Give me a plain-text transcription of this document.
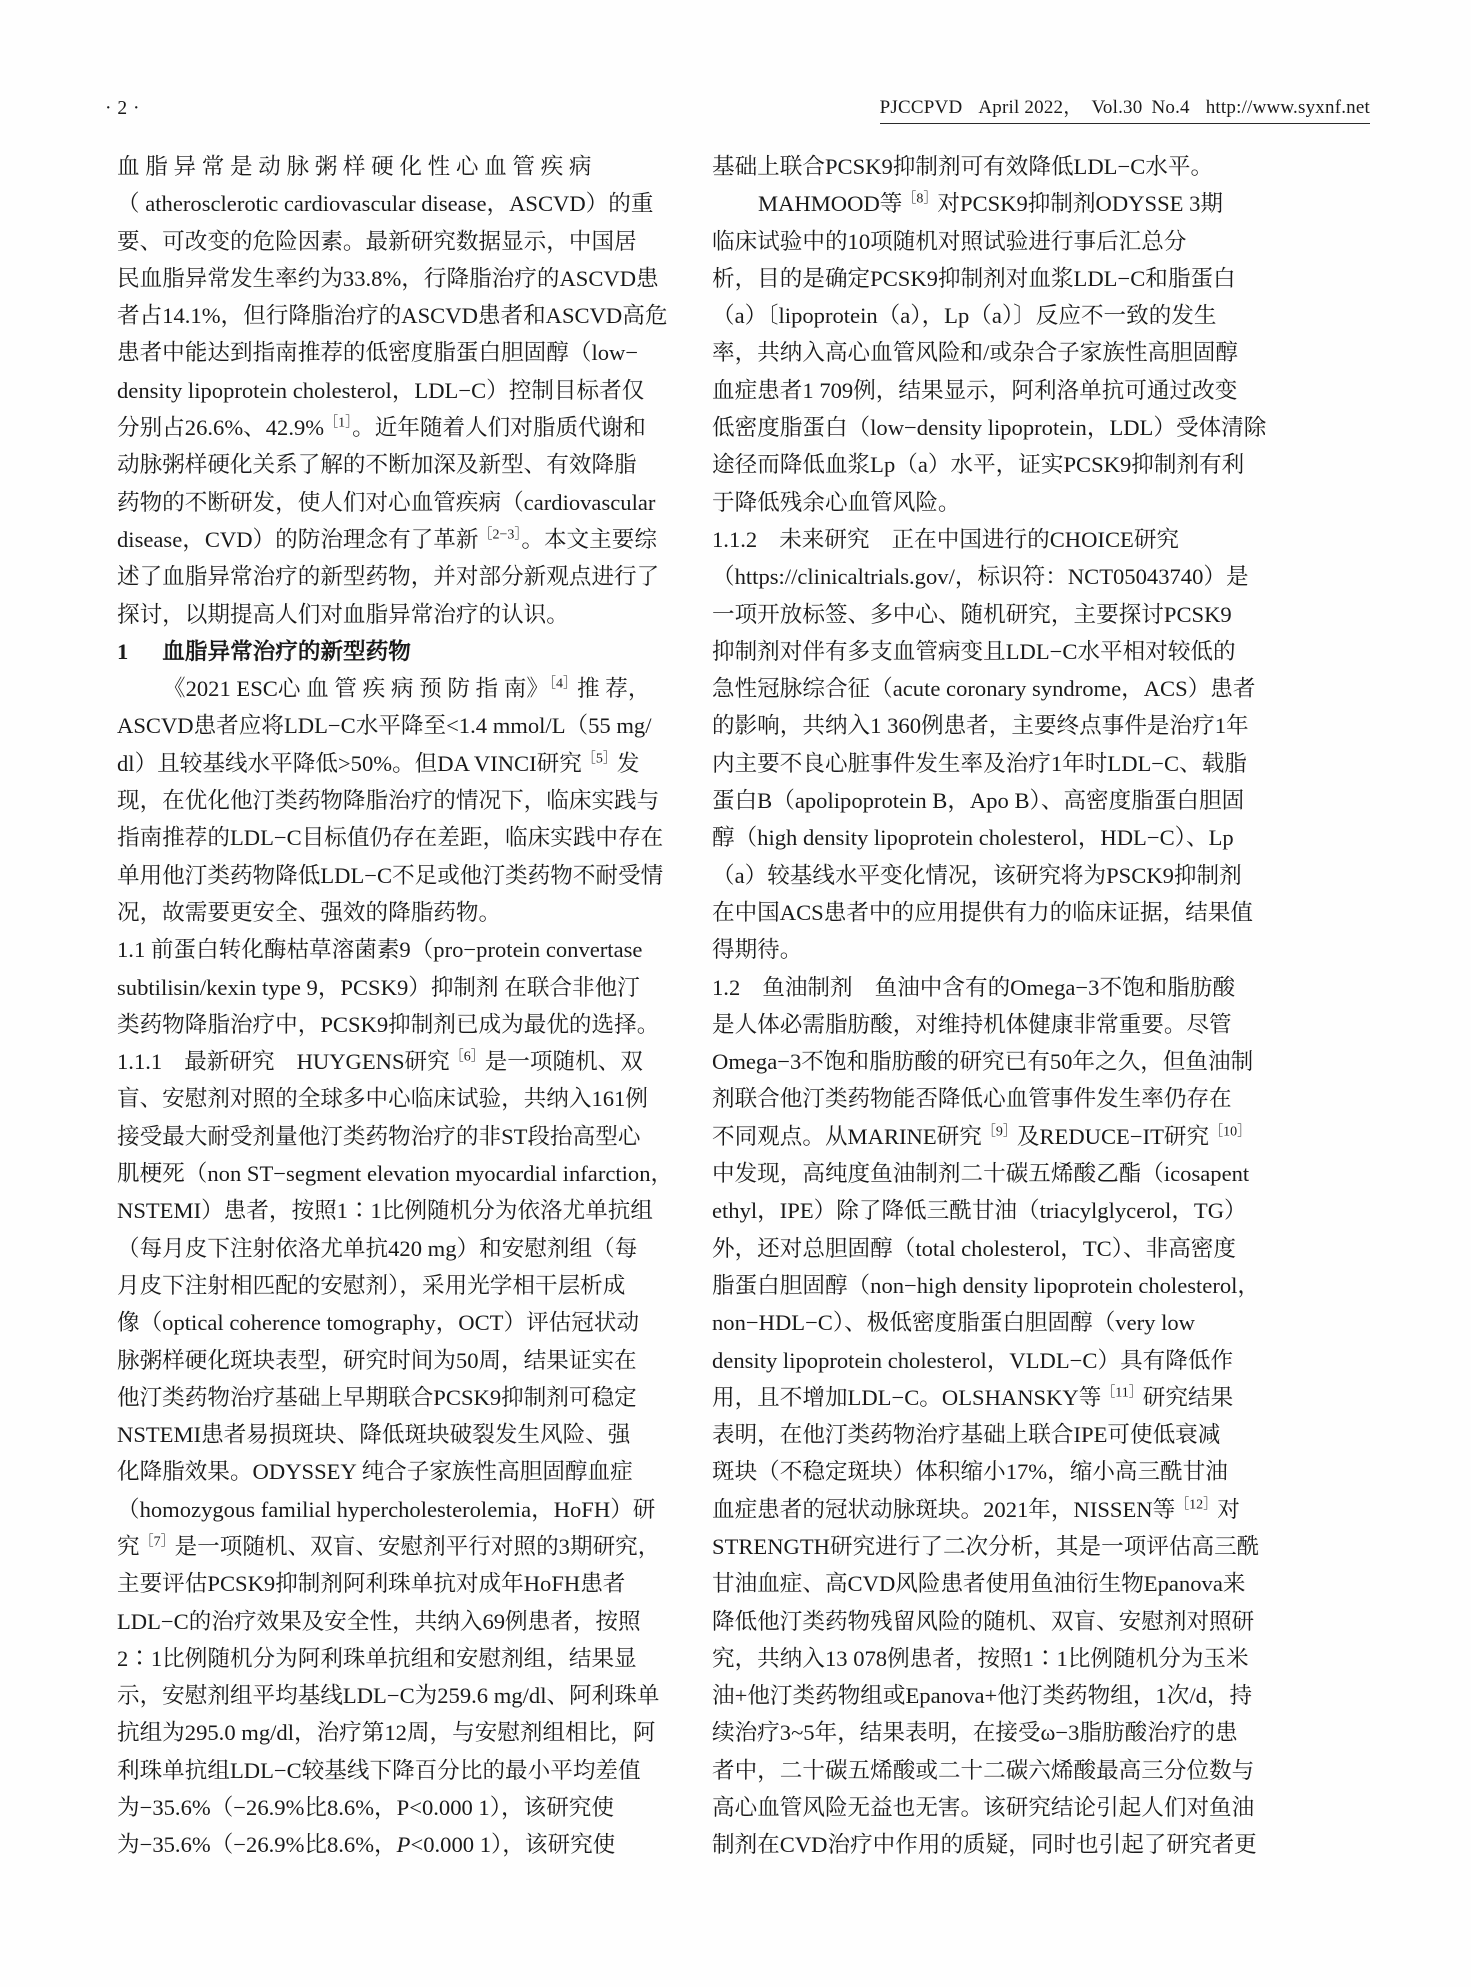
· 2 ·	PJCCPVD April 2022， Vol.30 No.4 http://www.syxnf.net
血 脂 异 常 是 动 脉 粥 样 硬 化 性 心 血 管 疾 病
（ atherosclerotic cardiovascular disease，ASCVD）的重
要、可改变的危险因素。最新研究数据显示，中国居
民血脂异常发生率约为33.8%，行降脂治疗的ASCVD患
者占14.1%，但行降脂治疗的ASCVD患者和ASCVD高危
患者中能达到指南推荐的低密度脂蛋白胆固醇（low−
density lipoprotein cholesterol，LDL−C）控制目标者仅
分别占26.6%、42.9%$^{[1]}$。近年随着人们对脂质代谢和
动脉粥样硬化关系了解的不断加深及新型、有效降脂
药物的不断研发，使人们对心血管疾病（cardiovascular
disease，CVD）的防治理念有了革新$^{[2-3]}$。本文主要综
述了血脂异常治疗的新型药物，并对部分新观点进行了
探讨，以期提高人们对血脂异常治疗的认识。
1 血脂异常治疗的新型药物
《2021 ESC心 血 管 疾 病 预 防 指 南》$^{[4]}$推 荐，
ASCVD患者应将LDL−C水平降至<1.4 mmol/L（55 mg/
dl）且较基线水平降低>50%。但DA VINCI研究$^{[5]}$发
现，在优化他汀类药物降脂治疗的情况下，临床实践与
指南推荐的LDL−C目标值仍存在差距，临床实践中存在
单用他汀类药物降低LDL−C不足或他汀类药物不耐受情
况，故需要更安全、强效的降脂药物。
1.1 前蛋白转化酶枯草溶菌素9（pro−protein convertase
subtilisin/kexin type 9，PCSK9）抑制剂 在联合非他汀
类药物降脂治疗中，PCSK9抑制剂已成为最优的选择。
1.1.1 最新研究 HUYGENS研究$^{[6]}$是一项随机、双
盲、安慰剂对照的全球多中心临床试验，共纳入161例
接受最大耐受剂量他汀类药物治疗的非ST段抬高型心
肌梗死（non ST−segment elevation myocardial infarction，
NSTEMI）患者，按照1∶1比例随机分为依洛尤单抗组
（每月皮下注射依洛尤单抗420 mg）和安慰剂组（每
月皮下注射相匹配的安慰剂），采用光学相干层析成
像（optical coherence tomography，OCT）评估冠状动
脉粥样硬化斑块表型，研究时间为50周，结果证实在
他汀类药物治疗基础上早期联合PCSK9抑制剂可稳定
NSTEMI患者易损斑块、降低斑块破裂发生风险、强
化降脂效果。ODYSSEY 纯合子家族性高胆固醇血症
（homozygous familial hypercholesterolemia，HoFH）研
究$^{[7]}$是一项随机、双盲、安慰剂平行对照的3期研究，
主要评估PCSK9抑制剂阿利珠单抗对成年HoFH患者
LDL−C的治疗效果及安全性，共纳入69例患者，按照
2∶1比例随机分为阿利珠单抗组和安慰剂组，结果显
示，安慰剂组平均基线LDL−C为259.6 mg/dl、阿利珠单
抗组为295.0 mg/dl，治疗第12周，与安慰剂组相比，阿
利珠单抗组LDL−C较基线下降百分比的最小平均差值
为−35.6%（−26.9%比8.6%，P<0.000 1），该研究使
为−35.6%（−26.9%比8.6%，P<0.000 1），该研究使
基础上联合PCSK9抑制剂可有效降低LDL−C水平。
MAHMOOD等$^{[8]}$对PCSK9抑制剂ODYSSE 3期
临床试验中的10项随机对照试验进行事后汇总分
析，目的是确定PCSK9抑制剂对血浆LDL−C和脂蛋白
（a）〔lipoprotein（a），Lp（a）〕反应不一致的发生
率，共纳入高心血管风险和/或杂合子家族性高胆固醇
血症患者1 709例，结果显示，阿利洛单抗可通过改变
低密度脂蛋白（low−density lipoprotein，LDL）受体清除
途径而降低血浆Lp（a）水平，证实PCSK9抑制剂有利
于降低残余心血管风险。
1.1.2 未来研究 正在中国进行的CHOICE研究
（https://clinicaltrials.gov/，标识符：NCT05043740）是
一项开放标签、多中心、随机研究，主要探讨PCSK9
抑制剂对伴有多支血管病变且LDL−C水平相对较低的
急性冠脉综合征（acute coronary syndrome，ACS）患者
的影响，共纳入1 360例患者，主要终点事件是治疗1年
内主要不良心脏事件发生率及治疗1年时LDL−C、载脂
蛋白B（apolipoprotein B，Apo B）、高密度脂蛋白胆固
醇（high density lipoprotein cholesterol，HDL−C）、Lp
（a）较基线水平变化情况，该研究将为PSCK9抑制剂
在中国ACS患者中的应用提供有力的临床证据，结果值
得期待。
1.2 鱼油制剂 鱼油中含有的Omega−3不饱和脂肪酸
是人体必需脂肪酸，对维持机体健康非常重要。尽管
Omega−3不饱和脂肪酸的研究已有50年之久，但鱼油制
剂联合他汀类药物能否降低心血管事件发生率仍存在
不同观点。从MARINE研究$^{[9]}$及REDUCE−IT研究$^{[10]}$
中发现，高纯度鱼油制剂二十碳五烯酸乙酯（icosapent
ethyl，IPE）除了降低三酰甘油（triacylglycerol，TG）
外，还对总胆固醇（total cholesterol，TC）、非高密度
脂蛋白胆固醇（non−high density lipoprotein cholesterol，
non−HDL−C）、极低密度脂蛋白胆固醇（very low
density lipoprotein cholesterol，VLDL−C）具有降低作
用，且不增加LDL−C。OLSHANSKY等$^{[11]}$研究结果
表明，在他汀类药物治疗基础上联合IPE可使低衰减
斑块（不稳定斑块）体积缩小17%，缩小高三酰甘油
血症患者的冠状动脉斑块。2021年，NISSEN等$^{[12]}$对
STRENGTH研究进行了二次分析，其是一项评估高三酰
甘油血症、高CVD风险患者使用鱼油衍生物Epanova来
降低他汀类药物残留风险的随机、双盲、安慰剂对照研
究，共纳入13 078例患者，按照1∶1比例随机分为玉米
油+他汀类药物组或Epanova+他汀类药物组，1次/d，持
续治疗3~5年，结果表明，在接受ω−3脂肪酸治疗的患
者中，二十碳五烯酸或二十二碳六烯酸最高三分位数与
高心血管风险无益也无害。该研究结论引起人们对鱼油
制剂在CVD治疗中作用的质疑，同时也引起了研究者更
